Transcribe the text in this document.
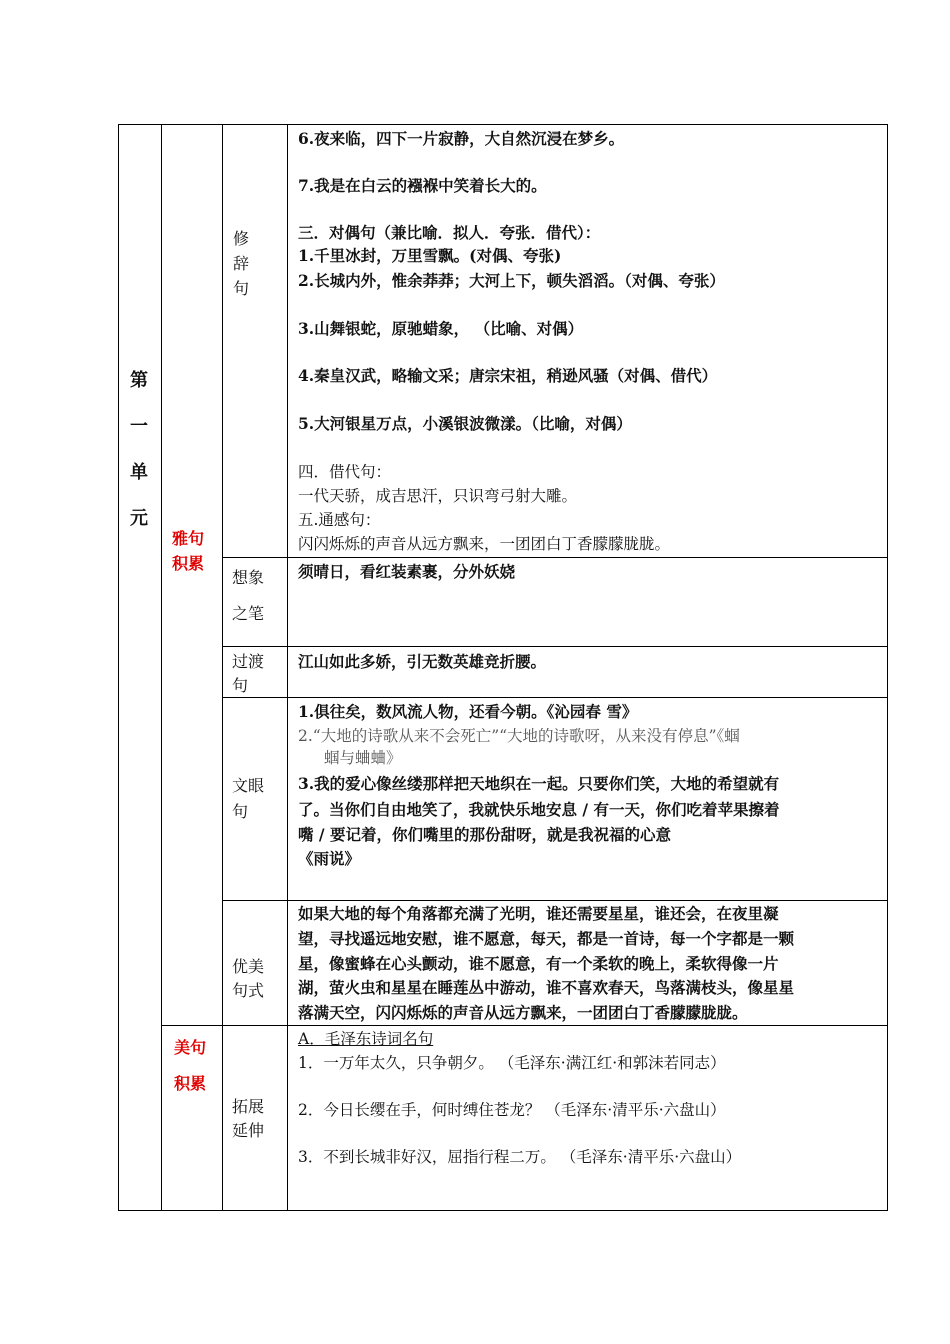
第
一
单
元
雅句
积累
美句
积累
修
辞
句
想象
之笔
过渡
句
文眼
句
优美
句式
拓展
延伸
6.夜来临，四下一片寂静，大自然沉浸在梦乡。
7.我是在白云的襁褓中笑着长大的。
三．对偶句（兼比喻．拟人．夸张．借代）：
1.千里冰封，万里雪飘。(对偶、夸张)
2.长城内外，惟余莽莽；大河上下，顿失滔滔。（对偶、夸张）
3.山舞银蛇，原驰蜡象， （比喻、对偶）
4.秦皇汉武，略输文采；唐宗宋祖，稍逊风骚（对偶、借代）
5.大河银星万点，小溪银波微漾。（比喻，对偶）
四．借代句：
一代天骄，成吉思汗，只识弯弓射大雕。
五.通感句：
闪闪烁烁的声音从远方飘来，一团团白丁香朦朦胧胧。
须晴日，看红装素裹，分外妖娆
江山如此多娇，引无数英雄竞折腰。
1.俱往矣，数风流人物，还看今朝。《沁园春 雪》
2.“大地的诗歌从来不会死亡”“大地的诗歌呀，从来没有停息”《蝈
蝈与蛐蛐》
3.我的爱心像丝缕那样把天地织在一起。只要你们笑，大地的希望就有
了。当你们自由地笑了，我就快乐地安息 / 有一天，你们吃着苹果擦着
嘴 / 要记着，你们嘴里的那份甜呀，就是我祝福的心意
《雨说》
如果大地的每个角落都充满了光明，谁还需要星星，谁还会，在夜里凝
望，寻找遥远地安慰，谁不愿意，每天，都是一首诗，每一个字都是一颗
星，像蜜蜂在心头颤动，谁不愿意，有一个柔软的晚上，柔软得像一片
湖，萤火虫和星星在睡莲丛中游动，谁不喜欢春天，鸟落满枝头，像星星
落满天空，闪闪烁烁的声音从远方飘来，一团团白丁香朦朦胧胧。
A．毛泽东诗词名句
1．一万年太久，只争朝夕。 （毛泽东·满江红·和郭沫若同志）
2．今日长缨在手，何时缚住苍龙？ （毛泽东·清平乐·六盘山）
3．不到长城非好汉，屈指行程二万。 （毛泽东·清平乐·六盘山）
